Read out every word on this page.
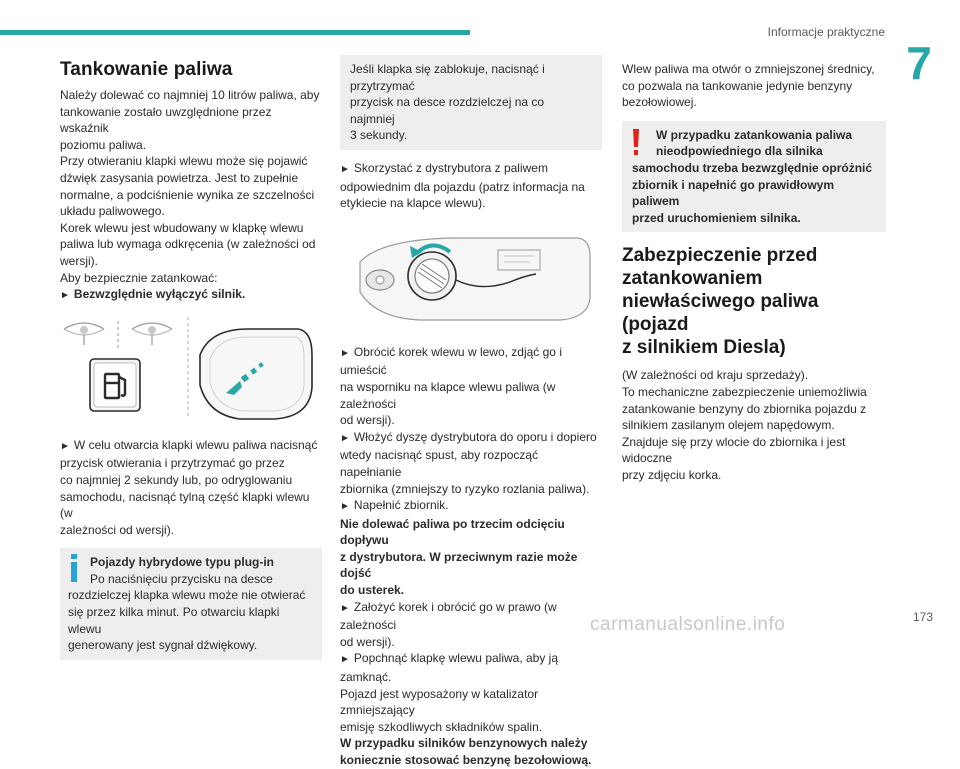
Informacje praktyczne
7
Tankowanie paliwa

Należy dolewać co najmniej 10 litrów paliwa, aby

tankowanie zostało uwzględnione przez wskaźnik

poziomu paliwa.

Przy otwieraniu klapki wlewu może się pojawić

dźwięk zasysania powietrza. Jest to zupełnie

normalne, a podciśnienie wynika ze szczelności

układu paliwowego.

Korek wlewu jest wbudowany w klapkę wlewu

paliwa lub wymaga odkręcenia (w zależności od

wersji).

Aby bezpiecznie zatankować:

► Bezwzględnie wyłączyć silnik.

► W celu otwarcia klapki wlewu paliwa nacisnąć

przycisk otwierania i przytrzymać go przez

co najmniej 2 sekundy lub, po odryglowaniu

samochodu, nacisnąć tylną część klapki wlewu (w

zależności od wersji).

Pojazdy hybrydowe typu plug-in

Po naciśnięciu przycisku na desce

rozdzielczej klapka wlewu może nie otwierać

się przez kilka minut. Po otwarciu klapki wlewu

generowany jest sygnał dźwiękowy.

Jeśli klapka się zablokuje, nacisnąć i przytrzymać

przycisk na desce rozdzielczej na co najmniej

3 sekundy.

► Skorzystać z dystrybutora z paliwem

odpowiednim dla pojazdu (patrz informacja na

etykiecie na klapce wlewu).

► Obrócić korek wlewu w lewo, zdjąć go i umieścić

na wsporniku na klapce wlewu paliwa (w zależności

od wersji).

► Włożyć dyszę dystrybutora do oporu i dopiero

wtedy nacisnąć spust, aby rozpocząć napełnianie

zbiornika (zmniejszy to ryzyko rozlania paliwa).

► Napełnić zbiornik.

Nie dolewać paliwa po trzecim odcięciu dopływu

z dystrybutora. W przeciwnym razie może dojść

do usterek.

► Założyć korek i obrócić go w prawo (w zależności

od wersji).

► Popchnąć klapkę wlewu paliwa, aby ją zamknąć.

Pojazd jest wyposażony w katalizator zmniejszający

emisję szkodliwych składników spalin.

W przypadku silników benzynowych należy

koniecznie stosować benzynę bezołowiową.

Wlew paliwa ma otwór o zmniejszonej średnicy,

co pozwala na tankowanie jedynie benzyny

bezołowiowej.

W przypadku zatankowania paliwa

nieodpowiedniego dla silnika

samochodu trzeba bezwzględnie opróżnić

zbiornik i napełnić go prawidłowym paliwem

przed uruchomieniem silnika.

Zabezpieczenie przed
zatankowaniem
niewłaściwego paliwa (pojazd
z silnikiem Diesla)

(W zależności od kraju sprzedaży).

To mechaniczne zabezpieczenie uniemożliwia

zatankowanie benzyny do zbiornika pojazdu z

silnikiem zasilanym olejem napędowym.

Znajduje się przy wlocie do zbiornika i jest widoczne

przy zdjęciu korka.

carmanualsonline.info	173
